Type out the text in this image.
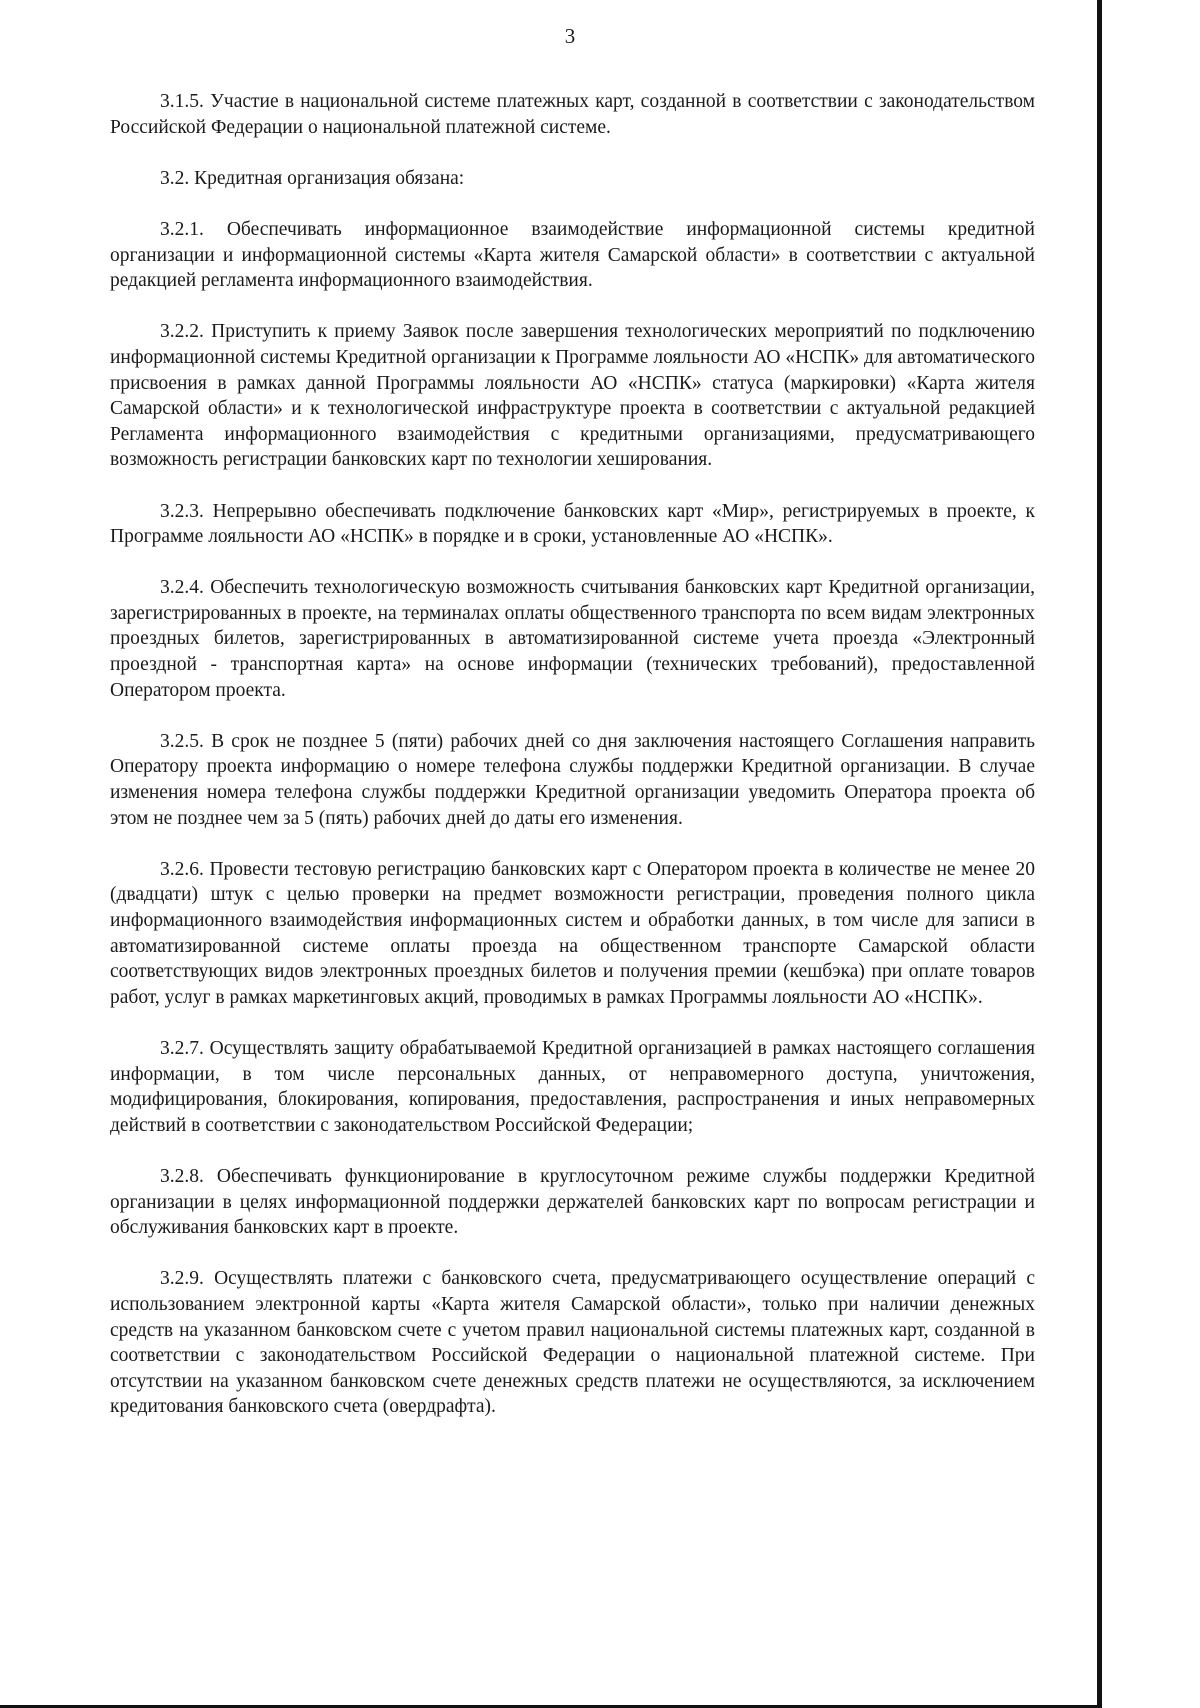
3

3.1.5. Участие в национальной системе платежных карт, созданной в соответствии с законодательством Российской Федерации о национальной платежной системе.

3.2. Кредитная организация обязана:

3.2.1. Обеспечивать информационное взаимодействие информационной системы кредитной организации и информационной системы «Карта жителя Самарской области» в соответствии с актуальной редакцией регламента информационного взаимодействия.

3.2.2. Приступить к приему Заявок после завершения технологических мероприятий по подключению информационной системы Кредитной организации к Программе лояльности АО «НСПК» для автоматического присвоения в рамках данной Программы лояльности АО «НСПК» статуса (маркировки) «Карта жителя Самарской области» и к технологической инфраструктуре проекта в соответствии с актуальной редакцией Регламента информационного взаимодействия с кредитными организациями, предусматривающего возможность регистрации банковских карт по технологии хеширования.

3.2.3. Непрерывно обеспечивать подключение банковских карт «Мир», регистрируемых в проекте, к Программе лояльности АО «НСПК» в порядке и в сроки, установленные АО «НСПК».

3.2.4. Обеспечить технологическую возможность считывания банковских карт Кредитной организации, зарегистрированных в проекте, на терминалах оплаты общественного транспорта по всем видам электронных проездных билетов, зарегистрированных в автоматизированной системе учета проезда «Электронный проездной - транспортная карта» на основе информации (технических требований), предоставленной Оператором проекта.

3.2.5. В срок не позднее 5 (пяти) рабочих дней со дня заключения настоящего Соглашения направить Оператору проекта информацию о номере телефона службы поддержки Кредитной организации. В случае изменения номера телефона службы поддержки Кредитной организации уведомить Оператора проекта об этом не позднее чем за 5 (пять) рабочих дней до даты его изменения.

3.2.6. Провести тестовую регистрацию банковских карт с Оператором проекта в количестве не менее 20 (двадцати) штук с целью проверки на предмет возможности регистрации, проведения полного цикла информационного взаимодействия информационных систем и обработки данных, в том числе для записи в автоматизированной системе оплаты проезда на общественном транспорте Самарской области соответствующих видов электронных проездных билетов и получения премии (кешбэка) при оплате товаров работ, услуг в рамках маркетинговых акций, проводимых в рамках Программы лояльности АО «НСПК».

3.2.7. Осуществлять защиту обрабатываемой Кредитной организацией в рамках настоящего соглашения информации, в том числе персональных данных, от неправомерного доступа, уничтожения, модифицирования, блокирования, копирования, предоставления, распространения и иных неправомерных действий в соответствии с законодательством Российской Федерации;

3.2.8. Обеспечивать функционирование в круглосуточном режиме службы поддержки Кредитной организации в целях информационной поддержки держателей банковских карт по вопросам регистрации и обслуживания банковских карт в проекте.

3.2.9. Осуществлять платежи с банковского счета, предусматривающего осуществление операций с использованием электронной карты «Карта жителя Самарской области», только при наличии денежных средств на указанном банковском счете с учетом правил национальной системы платежных карт, созданной в соответствии с законодательством Российской Федерации о национальной платежной системе. При отсутствии на указанном банковском счете денежных средств платежи не осуществляются, за исключением кредитования банковского счета (овердрафта).
